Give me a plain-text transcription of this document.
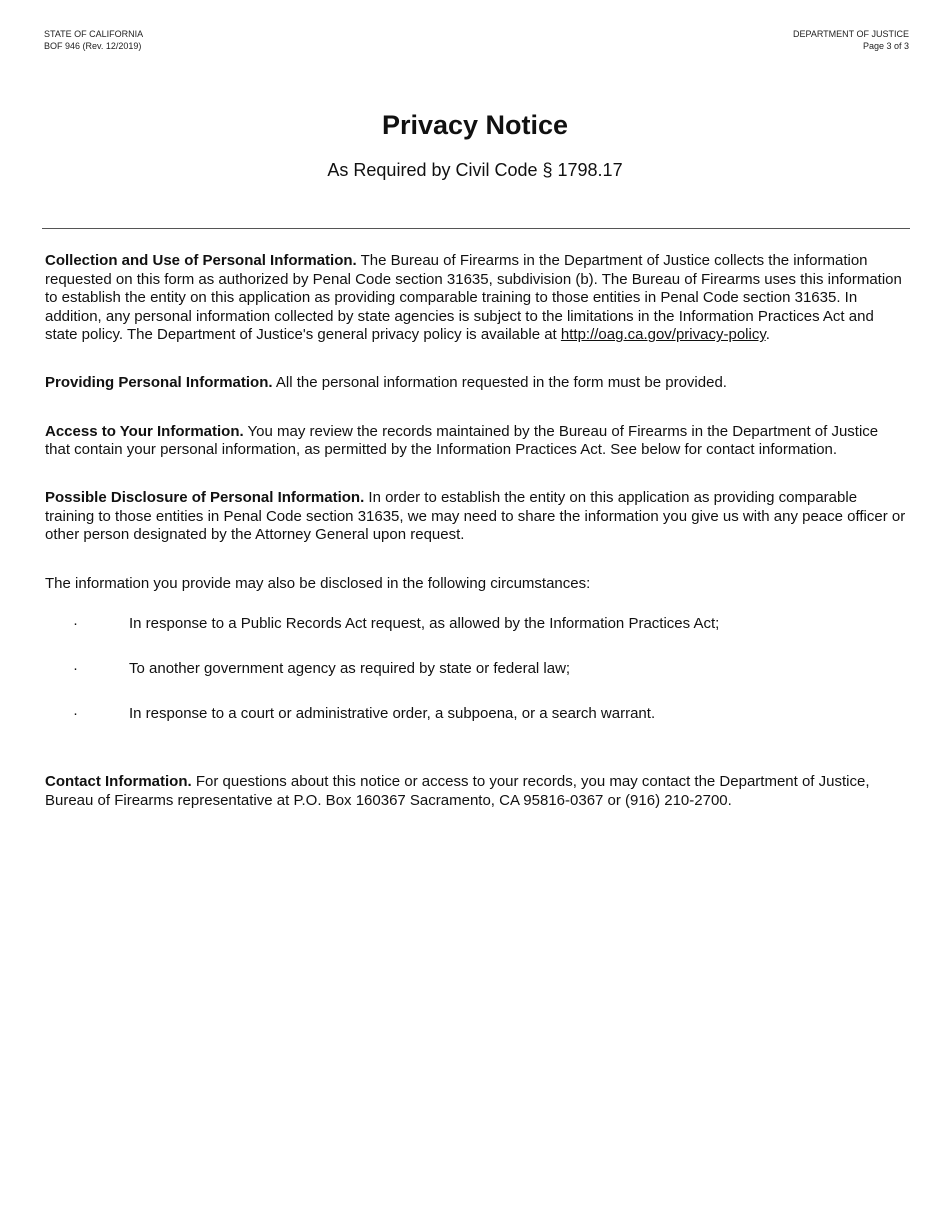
STATE OF CALIFORNIA
BOF 946 (Rev. 12/2019)
DEPARTMENT OF JUSTICE
Page 3 of 3
Privacy Notice
As Required by Civil Code § 1798.17

Collection and Use of Personal Information. The Bureau of Firearms in the Department of Justice collects the information requested on this form as authorized by Penal Code section 31635, subdivision (b). The Bureau of Firearms uses this information to establish the entity on this application as providing comparable training to those entities in Penal Code section 31635. In addition, any personal information collected by state agencies is subject to the limitations in the Information Practices Act and state policy. The Department of Justice's general privacy policy is available at http://oag.ca.gov/privacy-policy.

Providing Personal Information. All the personal information requested in the form must be provided.

Access to Your Information. You may review the records maintained by the Bureau of Firearms in the Department of Justice that contain your personal information, as permitted by the Information Practices Act. See below for contact information.

Possible Disclosure of Personal Information. In order to establish the entity on this application as providing comparable training to those entities in Penal Code section 31635, we may need to share the information you give us with any peace officer or other person designated by the Attorney General upon request.

The information you provide may also be disclosed in the following circumstances:

·	In response to a Public Records Act request, as allowed by the Information Practices Act;
·	To another government agency as required by state or federal law;
·	In response to a court or administrative order, a subpoena, or a search warrant.

Contact Information. For questions about this notice or access to your records, you may contact the Department of Justice, Bureau of Firearms representative at P.O. Box 160367 Sacramento, CA 95816-0367 or (916) 210-2700.
